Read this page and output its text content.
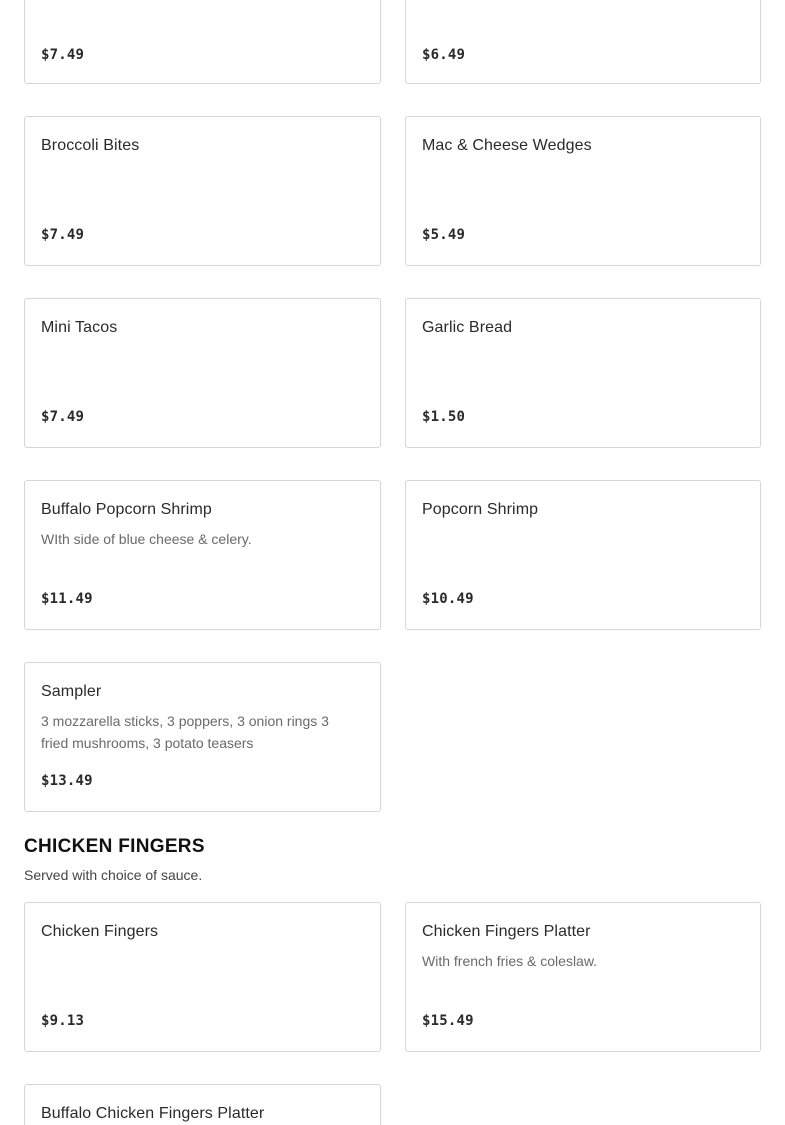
$7.49	$6.49
Broccoli Bites
$7.49
Mac & Cheese Wedges
$5.49
Mini Tacos
$7.49
Garlic Bread
$1.50
Buffalo Popcorn Shrimp
WIth side of blue cheese & celery.
$11.49
Popcorn Shrimp
$10.49
Sampler
3 mozzarella sticks, 3 poppers, 3 onion rings 3 fried mushrooms, 3 potato teasers
$13.49
CHICKEN FINGERS
Served with choice of sauce.
Chicken Fingers
$9.13
Chicken Fingers Platter
With french fries & coleslaw.
$15.49
Buffalo Chicken Fingers Platter
